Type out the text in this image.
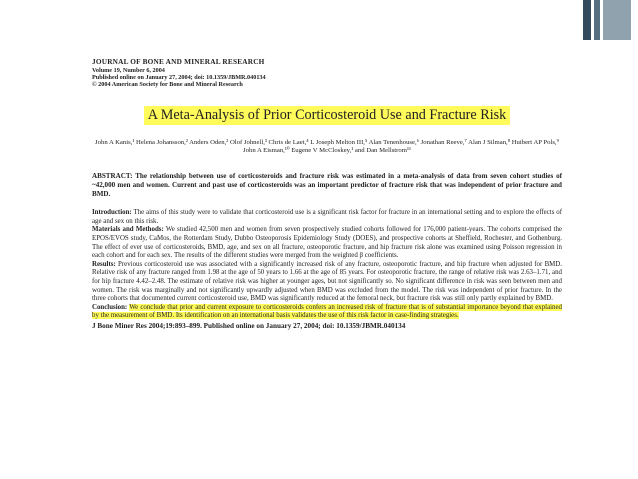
JOURNAL OF BONE AND MINERAL RESEARCH
Volume 19, Number 6, 2004
Published online on January 27, 2004; doi: 10.1359/JBMR.040134
© 2004 American Society for Bone and Mineral Research
A Meta-Analysis of Prior Corticosteroid Use and Fracture Risk
John A Kanis,¹ Helena Johansson,² Anders Oden,² Olof Johnell,³ Chris de Laet,⁴ L Joseph Melton III,⁵ Alan Tenenhouse,⁶ Jonathan Reeve,⁷ Alan J Silman,⁸ Huibert AP Pols,⁹ John A Eisman,¹⁰ Eugene V McCloskey,¹ and Dan Mellstrom¹¹
ABSTRACT: The relationship between use of corticosteroids and fracture risk was estimated in a meta-analysis of data from seven cohort studies of ~42,000 men and women. Current and past use of corticosteroids was an important predictor of fracture risk that was independent of prior fracture and BMD.

Introduction: The aims of this study were to validate that corticosteroid use is a significant risk factor for fracture in an international setting and to explore the effects of age and sex on this risk.

Materials and Methods: We studied 42,500 men and women from seven prospectively studied cohorts followed for 176,000 patient-years. The cohorts comprised the EPOS/EVOS study, CaMos, the Rotterdam Study, Dubbo Osteoporosis Epidemiology Study (DOES), and prospective cohorts at Sheffield, Rochester, and Gothenburg. The effect of ever use of corticosteroids, BMD, age, and sex on all fracture, osteoporotic fracture, and hip fracture risk alone was examined using Poisson regression in each cohort and for each sex. The results of the different studies were merged from the weighted β coefficients.

Results: Previous corticosteroid use was associated with a significantly increased risk of any fracture, osteoporotic fracture, and hip fracture when adjusted for BMD. Relative risk of any fracture ranged from 1.98 at the age of 50 years to 1.66 at the age of 85 years. For osteoporotic fracture, the range of relative risk was 2.63–1.71, and for hip fracture 4.42–2.48. The estimate of relative risk was higher at younger ages, but not significantly so. No significant difference in risk was seen between men and women. The risk was marginally and not significantly upwardly adjusted when BMD was excluded from the model. The risk was independent of prior fracture. In the three cohorts that documented current corticosteroid use, BMD was significantly reduced at the femoral neck, but fracture risk was still only partly explained by BMD.

Conclusion: We conclude that prior and current exposure to corticosteroids confers an increased risk of fracture that is of substantial importance beyond that explained by the measurement of BMD. Its identification on an international basis validates the use of this risk factor in case-finding strategies.

J Bone Miner Res 2004;19:893–899. Published online on January 27, 2004; doi: 10.1359/JBMR.040134
